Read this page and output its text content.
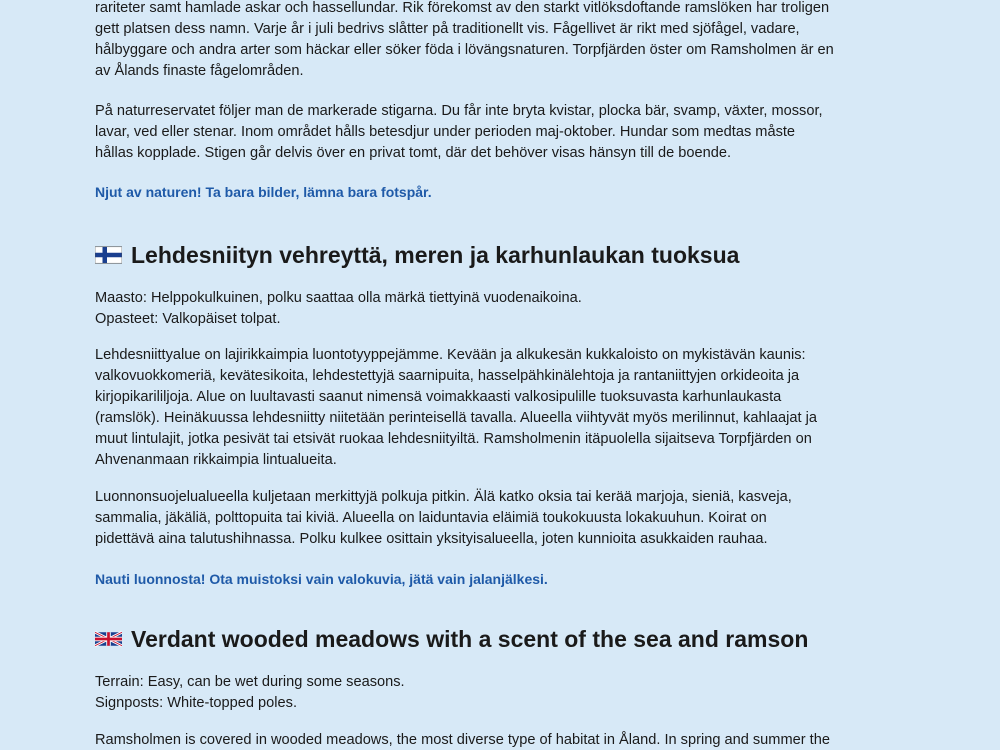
rariteter samt hamlade askar och hassellundar. Rik förekomst av den starkt vitlöksdoftande ramslöken har troligen
gett platsen dess namn. Varje år i juli bedrivs slåtter på traditionellt vis. Fågellivet är rikt med sjöfågel, vadare,
hålbyggare och andra arter som häckar eller söker föda i lövängsnaturen. Torpfjärden öster om Ramsholmen är en
av Ålands finaste fågelområden.

På naturreservatet följer man de markerade stigarna. Du får inte bryta kvistar, plocka bär, svamp, växter, mossor,
lavar, ved eller stenar. Inom området hålls betesdjur under perioden maj-oktober. Hundar som medtas måste
hållas kopplade. Stigen går delvis över en privat tomt, där det behöver visas hänsyn till de boende.

Njut av naturen! Ta bara bilder, lämna bara fotspår.

Lehdesniityn vehreyttä, meren ja karhunlaukan tuoksua

Maasto: Helppokulkuinen, polku saattaa olla märkä tiettyinä vuodenaikoina.
Opasteet: Valkopäiset tolpat.

Lehdesniittyalue on lajirikkaimpia luontotyyppejämme. Kevään ja alkukesän kukkaloisto on mykistävän kaunis:
valkovuokkomeriä, kevätesikoita, lehdestettyjä saarnipuita, hasselpähkinälehtoja ja rantaniittyjen orkideoita ja
kirjopikarililjoja. Alue on luultavasti saanut nimensä voimakkaasti valkosipulille tuoksuvasta karhunlaukasta
(ramslök). Heinäkuussa lehdesniitty niitetään perinteisellä tavalla. Alueella viihtyvät myös merilinnut, kahlaajat ja
muut lintulajit, jotka pesivät tai etsivät ruokaa lehdesniityiltä. Ramsholmenin itäpuolella sijaitseva Torpfjärden on
Ahvenanmaan rikkaimpia lintualueita.

Luonnonsuojelualueella kuljetaan merkittyjä polkuja pitkin. Älä katko oksia tai kerää marjoja, sieniä, kasveja,
sammalia, jäkäliä, polttopuita tai kiviä. Alueella on laiduntavia eläimiä toukokuusta lokakuuhun. Koirat on
pidettävä aina talutushihnassa. Polku kulkee osittain yksityisalueella, joten kunnioita asukkaiden rauhaa.

Nauti luonnosta! Ota muistoksi vain valokuvia, jätä vain jalanjälkesi.

Verdant wooded meadows with a scent of the sea and ramson

Terrain: Easy, can be wet during some seasons.
Signposts: White-topped poles.

Ramsholmen is covered in wooded meadows, the most diverse type of habitat in Åland. In spring and summer the
